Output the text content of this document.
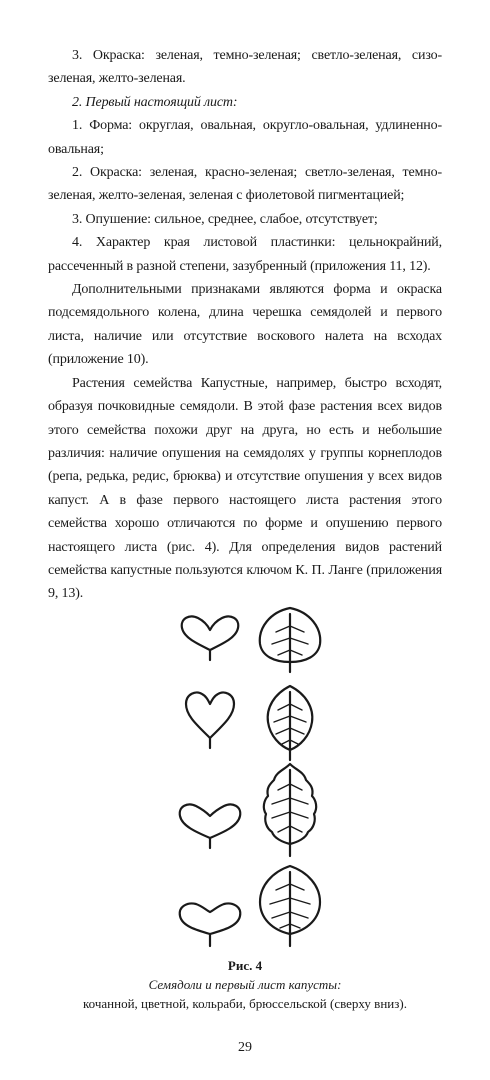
3. Окраска: зеленая, темно-зеленая; светло-зеленая, сизо-зеленая, желто-зеленая.

2. Первый настоящий лист:

1. Форма: округлая, овальная, округло-овальная, удлиненно-овальная;

2. Окраска: зеленая, красно-зеленая; светло-зеленая, темно-зеленая, желто-зеленая, зеленая с фиолетовой пигментацией;

3. Опушение: сильное, среднее, слабое, отсутствует;

4. Характер края листовой пластинки: цельнокрайний, рассеченный в разной степени, зазубренный (приложения 11, 12).

Дополнительными признаками являются форма и окраска подсемядольного колена, длина черешка семядолей и первого листа, наличие или отсутствие воскового налета на всходах (приложение 10).

Растения семейства Капустные, например, быстро всходят, образуя почковидные семядоли. В этой фазе растения всех видов этого семейства похожи друг на друга, но есть и небольшие различия: наличие опушения на семядолях у группы корнеплодов (репа, редька, редис, брюква) и отсутствие опушения у всех видов капуст. А в фазе первого настоящего листа растения этого семейства хорошо отличаются по форме и опушению первого настоящего листа (рис. 4). Для определения видов растений семейства капустные пользуются ключом К. П. Ланге (приложения 9, 13).

Рис. 4
Семядоли и первый лист капусты:
кочанной, цветной, кольраби, брюссельской (сверху вниз).
29
